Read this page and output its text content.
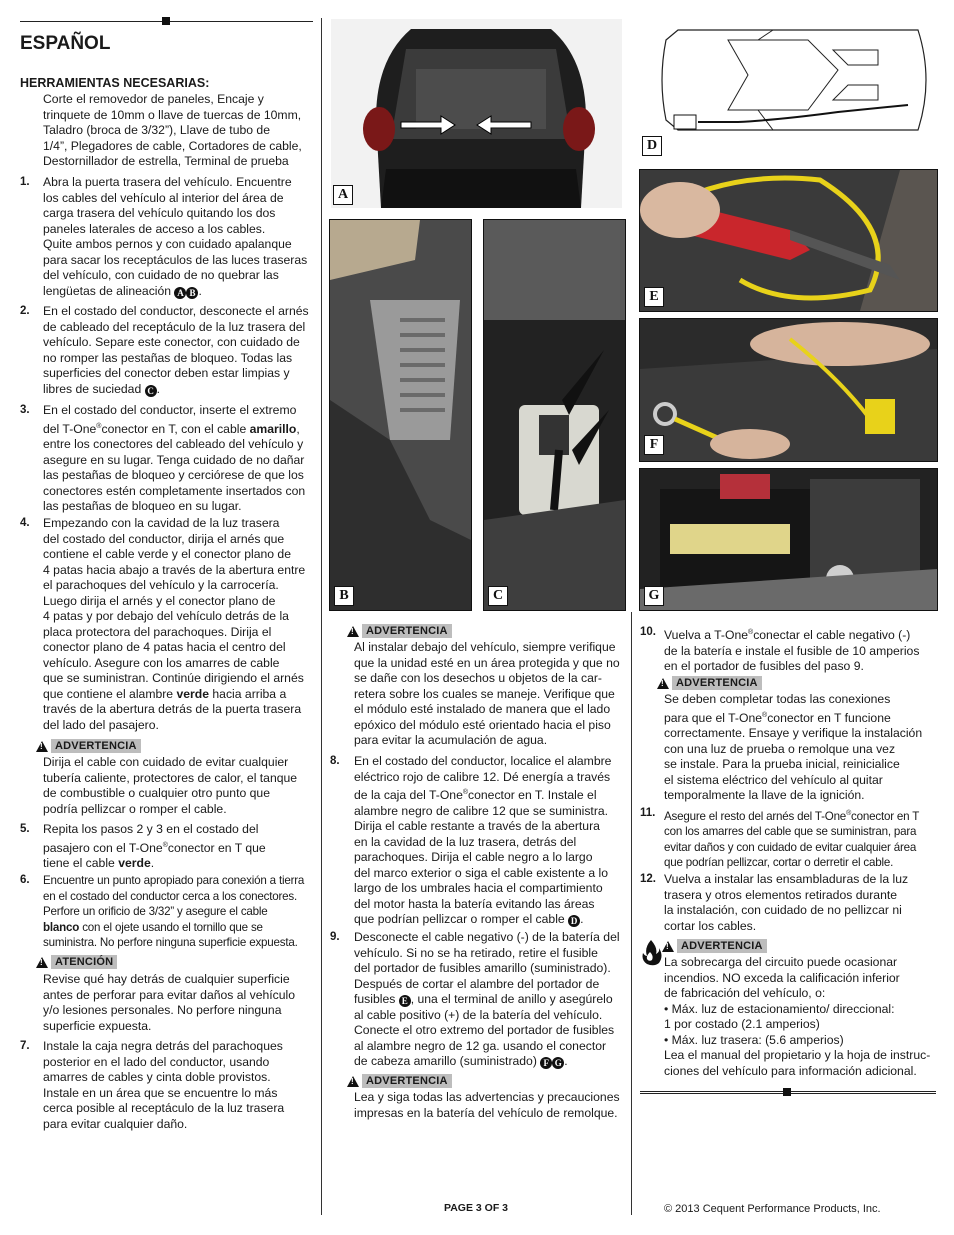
ESPAÑOL
HERRAMIENTAS NECESARIAS:
Corte el removedor de paneles, Encaje y
trinquete de 10mm o llave de tuercas de 10mm,
Taladro (broca de 3/32”), Llave de tubo de
1/4”, Plegadores de cable, Cortadores de cable,
Destornillador de estrella, Terminal de prueba
1. Abra la puerta trasera del vehículo. Encuentre
los cables del vehículo al interior del área de
carga trasera del vehículo quitando los dos
paneles laterales de acceso a los cables.
Quite ambos pernos y con cuidado apalanque
para sacar los receptáculos de las luces traseras
del vehículo, con cuidado de no quebrar las
lengüetas de alineación A B .
2. En el costado del conductor, desconecte el arnés
de cableado del receptáculo de la luz trasera del
vehículo. Separe este conector, con cuidado de
no romper las pestañas de bloqueo. Todas las
superficies del conector deben estar limpias y
libres de suciedad C .
3. En el costado del conductor, inserte el extremo
del T-One®conector en T, con el cable amarillo,
entre los conectores del cableado del vehículo y
asegure en su lugar. Tenga cuidado de no dañar
las pestañas de bloqueo y cerciórese de que los
conectores estén completamente insertados con
las pestañas de bloqueo en su lugar.
4. Empezando con la cavidad de la luz trasera
del costado del conductor, dirija el arnés que
contiene el cable verde y el conector plano de
4 patas hacia abajo a través de la abertura entre
el parachoques del vehículo y la carrocería.
Luego dirija el arnés y el conector plano de
4 patas y por debajo del vehículo detrás de la
placa protectora del parachoques. Dirija el
conector plano de 4 patas hacia el centro del
vehículo. Asegure con los amarres de cable
que se suministran. Continúe dirigiendo el arnés
que contiene el alambre verde hacia arriba a
través de la abertura detrás de la puerta trasera
del lado del pasajero.
!
ADVERTENCIA
Dirija el cable con cuidado de evitar cualquier
tubería caliente, protectores de calor, el tanque
de combustible o cualquier otro punto que
podría pellizcar o romper el cable.
5. Repita los pasos 2 y 3 en el costado del
pasajero con el T-One®conector en T que
tiene el cable verde.
6. Encuentre un punto apropiado para conexión a tierra
en el costado del conductor cerca a los conectores.
Perfore un orificio de 3/32” y asegure el cable
blanco con el ojete usando el tornillo que se
suministra. No perfore ninguna superficie expuesta.
!
ATENCIÓN
Revise qué hay detrás de cualquier superficie
antes de perforar para evitar daños al vehículo
y/o lesiones personales. No perfore ninguna
superficie expuesta.
7. Instale la caja negra detrás del parachoques
posterior en el lado del conductor, usando
amarres de cables y cinta doble provistos.
Instale en un área que se encuentre lo más
cerca posible al receptáculo de la luz trasera
para evitar cualquier daño.
A
B	C
D
E
F
G
!
ADVERTENCIA
Al instalar debajo del vehículo, siempre verifique
que la unidad esté en un área protegida y que no
se dañe con los desechos u objetos de la car-
retera sobre los cuales se maneje. Verifique que
el módulo esté instalado de manera que el lado
epóxico del módulo esté orientado hacia el piso
para evitar la acumulación de agua.
8. En el costado del conductor, localice el alambre
eléctrico rojo de calibre 12. Dé energía a través
de la caja del T-One®conector en T. Instale el
alambre negro de calibre 12 que se suministra.
Dirija el cable restante a través de la abertura
en la cavidad de la luz trasera, detrás del
parachoques. Dirija el cable negro a lo largo
del marco exterior o siga el cable existente a lo
largo de los umbrales hacia el compartimiento
del motor hasta la batería evitando las áreas
que podrían pellizcar o romper el cable D .
9. Desconecte el cable negativo (-) de la batería del
vehículo. Si no se ha retirado, retire el fusible
del portador de fusibles amarillo (suministrado).
Después de cortar el alambre del portador de
fusibles E , una el terminal de anillo y asegúrelo
al cable positivo (+) de la batería del vehículo.
Conecte el otro extremo del portador de fusibles
al alambre negro de 12 ga. usando el conector
de cabeza amarillo (suministrado) F G .
!
ADVERTENCIA
Lea y siga todas las advertencias y precauciones
impresas en la batería del vehículo de remolque.
10. Vuelva a T-One®conectar el cable negativo (-)
de la batería e instale el fusible de 10 amperios
en el portador de fusibles del paso 9.
!
ADVERTENCIA
Se deben completar todas las conexiones
para que el T-One®conector en T funcione
correctamente. Ensaye y verifique la instalación
con una luz de prueba o remolque una vez
se instale. Para la prueba inicial, reinicialice
el sistema eléctrico del vehículo al quitar
temporalmente la llave de la ignición.
11. Asegure el resto del arnés del T-One®conector en T
con los amarres del cable que se suministran, para
evitar daños y con cuidado de evitar cualquier área
que podrían pellizcar, cortar o derretir el cable.
12. Vuelva a instalar las ensambladuras de la luz
trasera y otros elementos retirados durante
la instalación, con cuidado de no pellizcar ni
cortar los cables.
!
ADVERTENCIA
La sobrecarga del circuito puede ocasionar
incendios. NO exceda la calificación inferior
de fabricación del vehículo, o:
• Máx. luz de estacionamiento/ direccional:
1 por costado (2.1 amperios)
• Máx. luz trasera: (5.6 amperios)
Lea el manual del propietario y la hoja de instruc-
ciones del vehículo para información adicional.
PAGE 3 OF 3	© 2013 Cequent Performance Products, Inc.
